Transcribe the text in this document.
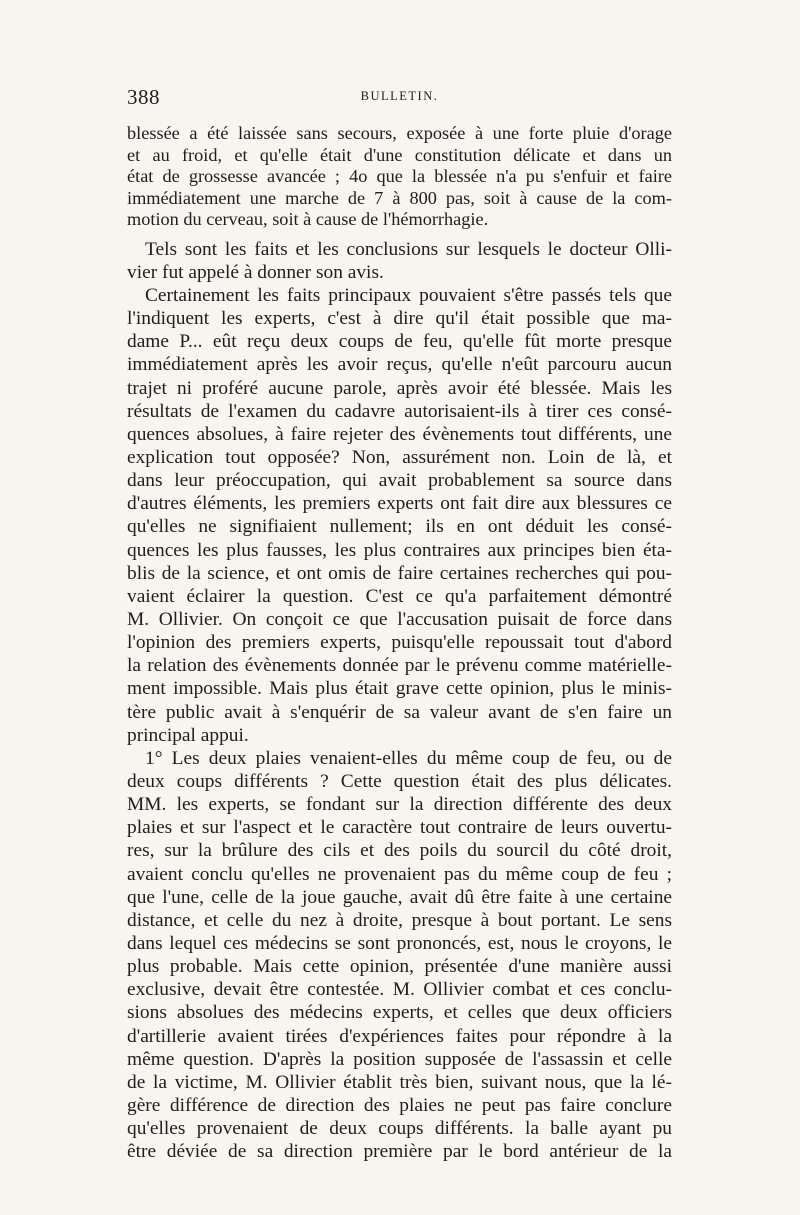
388	BULLETIN.
blessée a été laissée sans secours, exposée à une forte pluie d'orage
et au froid, et qu'elle était d'une constitution délicate et dans un
état de grossesse avancée ; 4o que la blessée n'a pu s'enfuir et faire
immédiatement une marche de 7 à 800 pas, soit à cause de la com-
motion du cerveau, soit à cause de l'hémorrhagie.
Tels sont les faits et les conclusions sur lesquels le docteur Olli-
vier fut appelé à donner son avis.
Certainement les faits principaux pouvaient s'être passés tels que
l'indiquent les experts, c'est à dire qu'il était possible que ma-
dame P... eût reçu deux coups de feu, qu'elle fût morte presque
immédiatement après les avoir reçus, qu'elle n'eût parcouru aucun
trajet ni proféré aucune parole, après avoir été blessée. Mais les
résultats de l'examen du cadavre autorisaient-ils à tirer ces consé-
quences absolues, à faire rejeter des évènements tout différents, une
explication tout opposée? Non, assurément non. Loin de là, et
dans leur préoccupation, qui avait probablement sa source dans
d'autres éléments, les premiers experts ont fait dire aux blessures ce
qu'elles ne signifiaient nullement; ils en ont déduit les consé-
quences les plus fausses, les plus contraires aux principes bien éta-
blis de la science, et ont omis de faire certaines recherches qui pou-
vaient éclairer la question. C'est ce qu'a parfaitement démontré
M. Ollivier. On conçoit ce que l'accusation puisait de force dans
l'opinion des premiers experts, puisqu'elle repoussait tout d'abord
la relation des évènements donnée par le prévenu comme matérielle-
ment impossible. Mais plus était grave cette opinion, plus le minis-
tère public avait à s'enquérir de sa valeur avant de s'en faire un
principal appui.
1° Les deux plaies venaient-elles du même coup de feu, ou de
deux coups différents ? Cette question était des plus délicates.
MM. les experts, se fondant sur la direction différente des deux
plaies et sur l'aspect et le caractère tout contraire de leurs ouvertu-
res, sur la brûlure des cils et des poils du sourcil du côté droit,
avaient conclu qu'elles ne provenaient pas du même coup de feu ;
que l'une, celle de la joue gauche, avait dû être faite à une certaine
distance, et celle du nez à droite, presque à bout portant. Le sens
dans lequel ces médecins se sont prononcés, est, nous le croyons, le
plus probable. Mais cette opinion, présentée d'une manière aussi
exclusive, devait être contestée. M. Ollivier combat et ces conclu-
sions absolues des médecins experts, et celles que deux officiers
d'artillerie avaient tirées d'expériences faites pour répondre à la
même question. D'après la position supposée de l'assassin et celle
de la victime, M. Ollivier établit très bien, suivant nous, que la lé-
gère différence de direction des plaies ne peut pas faire conclure
qu'elles provenaient de deux coups différents. la balle ayant pu
être déviée de sa direction première par le bord antérieur de la
